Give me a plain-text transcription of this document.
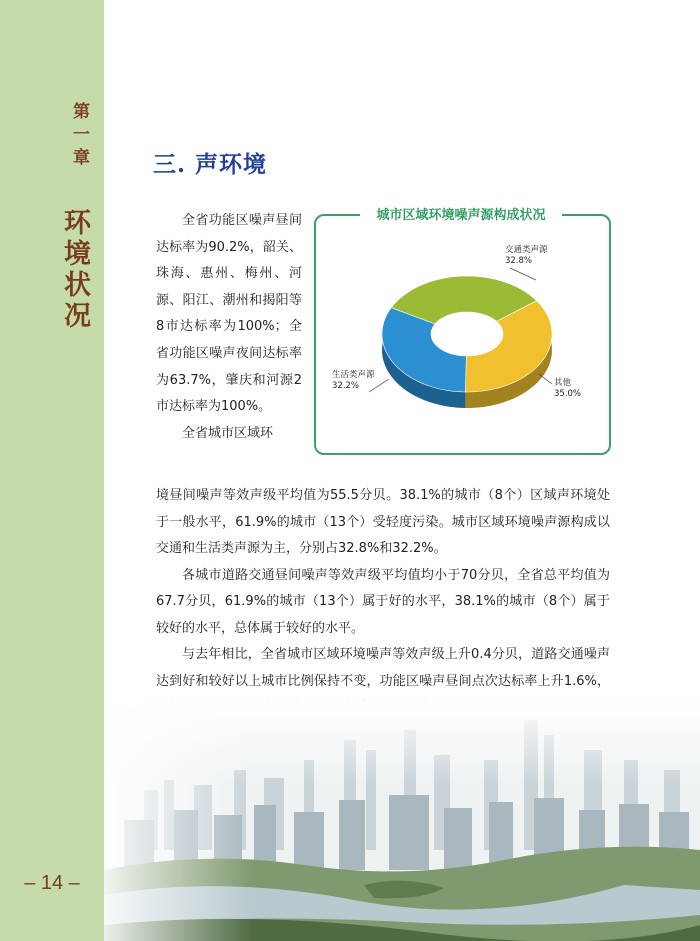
第一章
环境状况
– 14 –
三. 声环境

全省功能区噪声昼间达标率为90.2%，韶关、珠海、惠州、梅州、河源、阳江、潮州和揭阳等8市达标率为100%；全省功能区噪声夜间达标率为63.7%，肇庆和河源2市达标率为100%。

全省城市区域环

城市区域环境噪声源构成状况
交通类声源
32.8%
其他
35.0%
生活类声源
32.2%

境昼间噪声等效声级平均值为55.5分贝。38.1%的城市（8个）区域声环境处于一般水平，61.9%的城市（13个）受轻度污染。城市区域环境噪声源构成以交通和生活类声源为主，分别占32.8%和32.2%。

各城市道路交通昼间噪声等效声级平均值均小于70分贝，全省总平均值为67.7分贝，61.9%的城市（13个）属于好的水平，38.1%的城市（8个）属于较好的水平，总体属于较好的水平。

与去年相比，全省城市区域环境噪声等效声级上升0.4分贝，道路交通噪声达到好和较好以上城市比例保持不变，功能区噪声昼间点次达标率上升1.6%，
